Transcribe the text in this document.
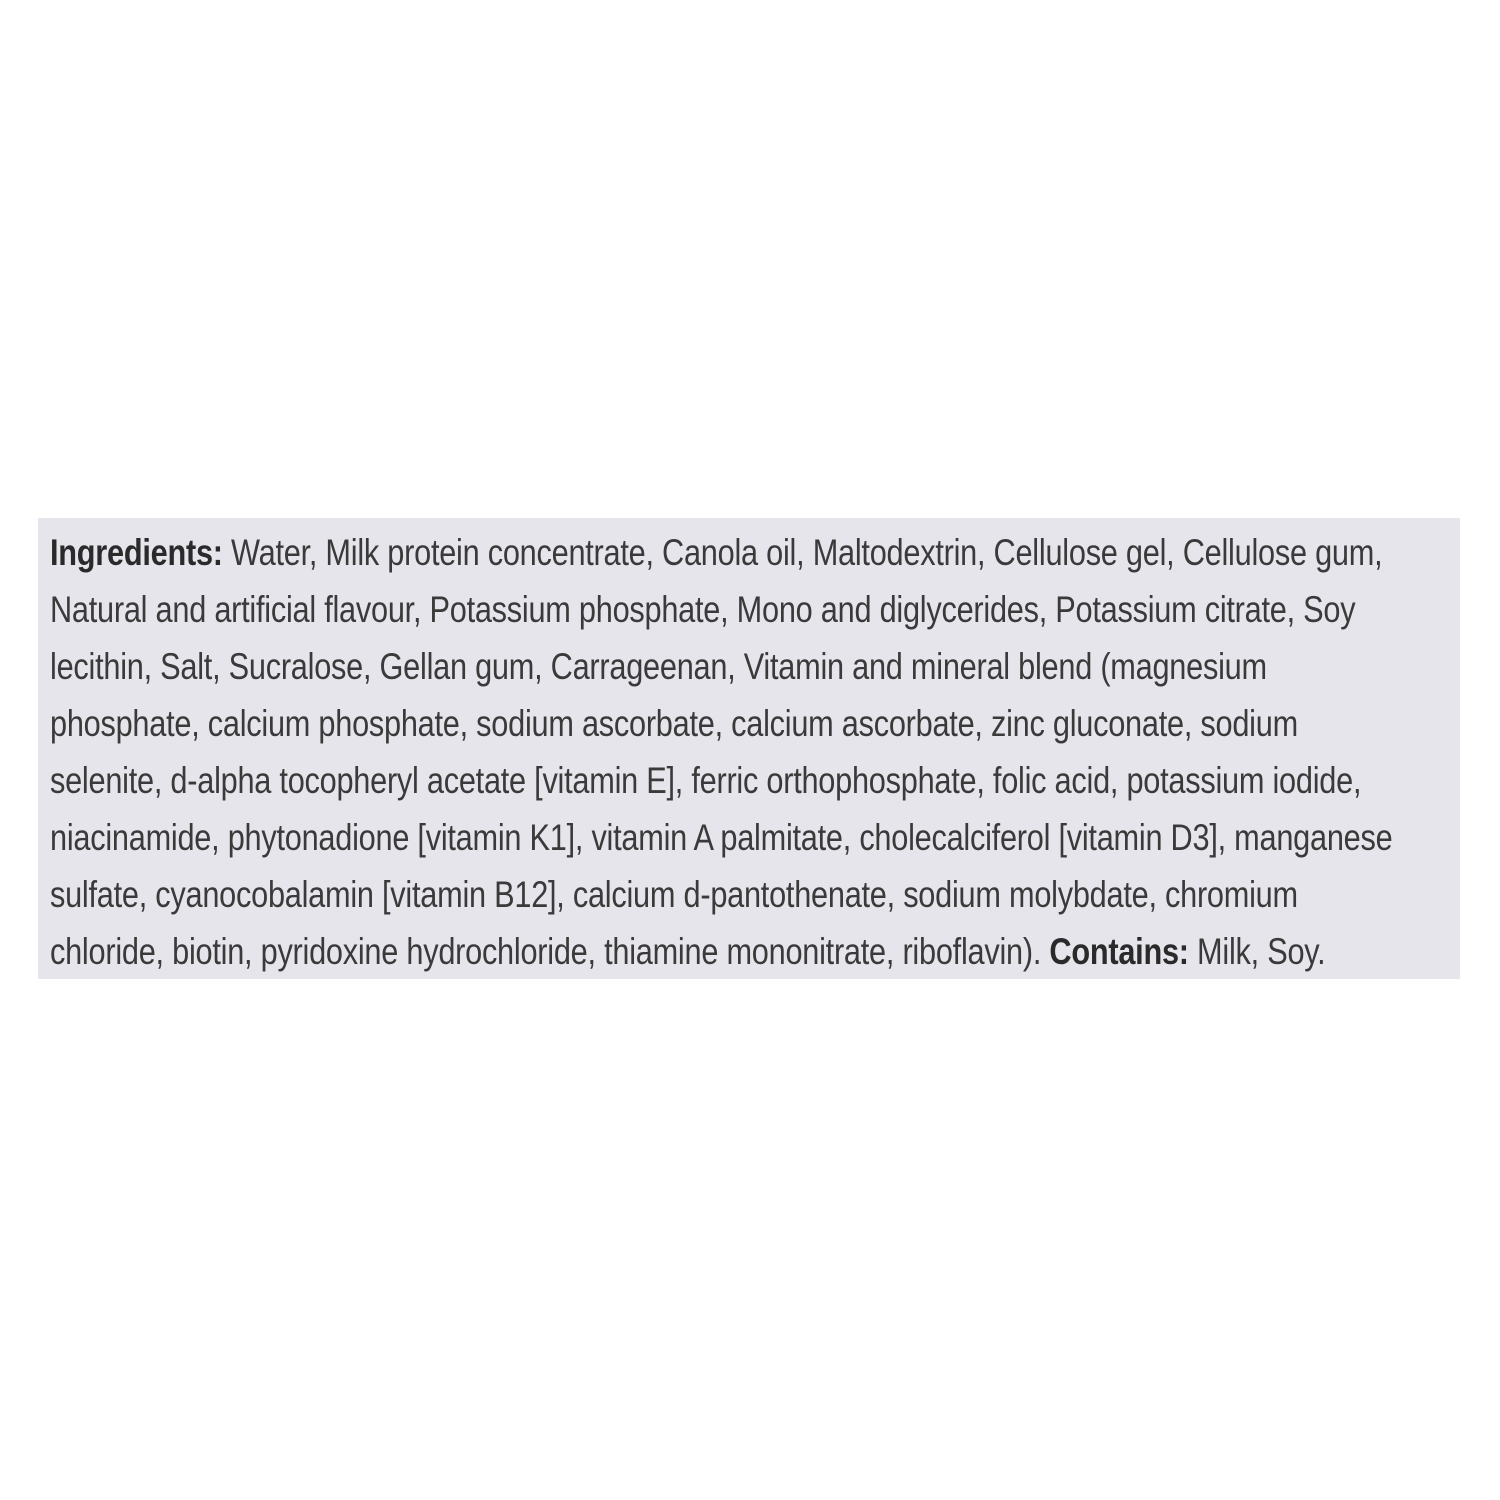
Ingredients: Water, Milk protein concentrate, Canola oil, Maltodextrin, Cellulose gel, Cellulose gum,
Natural and artificial flavour, Potassium phosphate, Mono and diglycerides, Potassium citrate, Soy
lecithin, Salt, Sucralose, Gellan gum, Carrageenan, Vitamin and mineral blend (magnesium
phosphate, calcium phosphate, sodium ascorbate, calcium ascorbate, zinc gluconate, sodium
selenite, d-alpha tocopheryl acetate [vitamin E], ferric orthophosphate, folic acid, potassium iodide,
niacinamide, phytonadione [vitamin K1], vitamin A palmitate, cholecalciferol [vitamin D3], manganese
sulfate, cyanocobalamin [vitamin B12], calcium d-pantothenate, sodium molybdate, chromium
chloride, biotin, pyridoxine hydrochloride, thiamine mononitrate, riboflavin). Contains: Milk, Soy.
